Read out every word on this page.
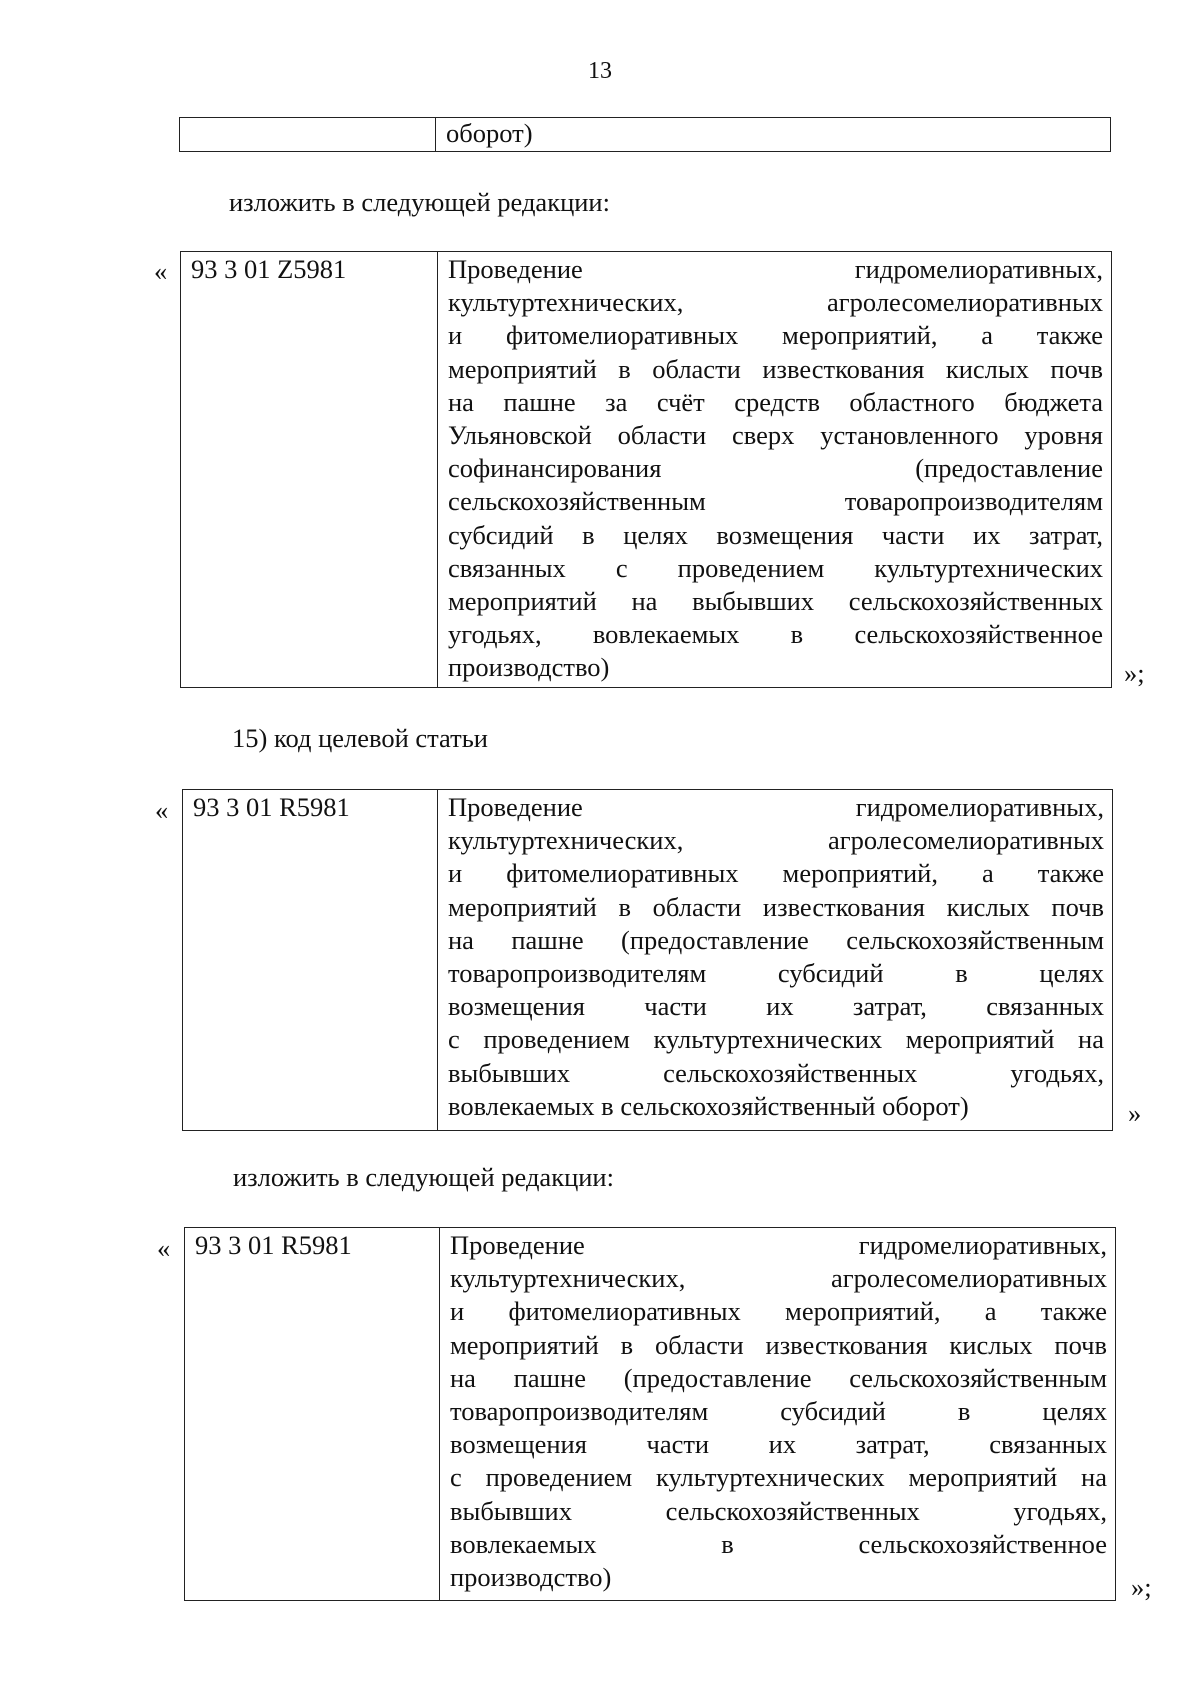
13
	оборот)
изложить в следующей редакции:
« 93 3 01 Z5981	Проведение гидромелиоративных,
культуртехнических, агролесомелиоративных
и фитомелиоративных мероприятий, а также
мероприятий в области известкования кислых почв
на пашне за счёт средств областного бюджета
Ульяновской области сверх установленного уровня
софинансирования (предоставление
сельскохозяйственным товаропроизводителям
субсидий в целях возмещения части их затрат,
связанных с проведением культуртехнических
мероприятий на выбывших сельскохозяйственных
угодьях, вовлекаемых в сельскохозяйственное
производство)	»;
15) код целевой статьи
« 93 3 01 R5981	Проведение гидромелиоративных,
культуртехнических, агролесомелиоративных
и фитомелиоративных мероприятий, а также
мероприятий в области известкования кислых почв
на пашне (предоставление сельскохозяйственным
товаропроизводителям субсидий в целях
возмещения части их затрат, связанных
с проведением культуртехнических мероприятий на
выбывших сельскохозяйственных угодьях,
вовлекаемых в сельскохозяйственный оборот)	»
изложить в следующей редакции:
« 93 3 01 R5981	Проведение гидромелиоративных,
культуртехнических, агролесомелиоративных
и фитомелиоративных мероприятий, а также
мероприятий в области известкования кислых почв
на пашне (предоставление сельскохозяйственным
товаропроизводителям субсидий в целях
возмещения части их затрат, связанных
с проведением культуртехнических мероприятий на
выбывших сельскохозяйственных угодьях,
вовлекаемых в сельскохозяйственное
производство)	»;
